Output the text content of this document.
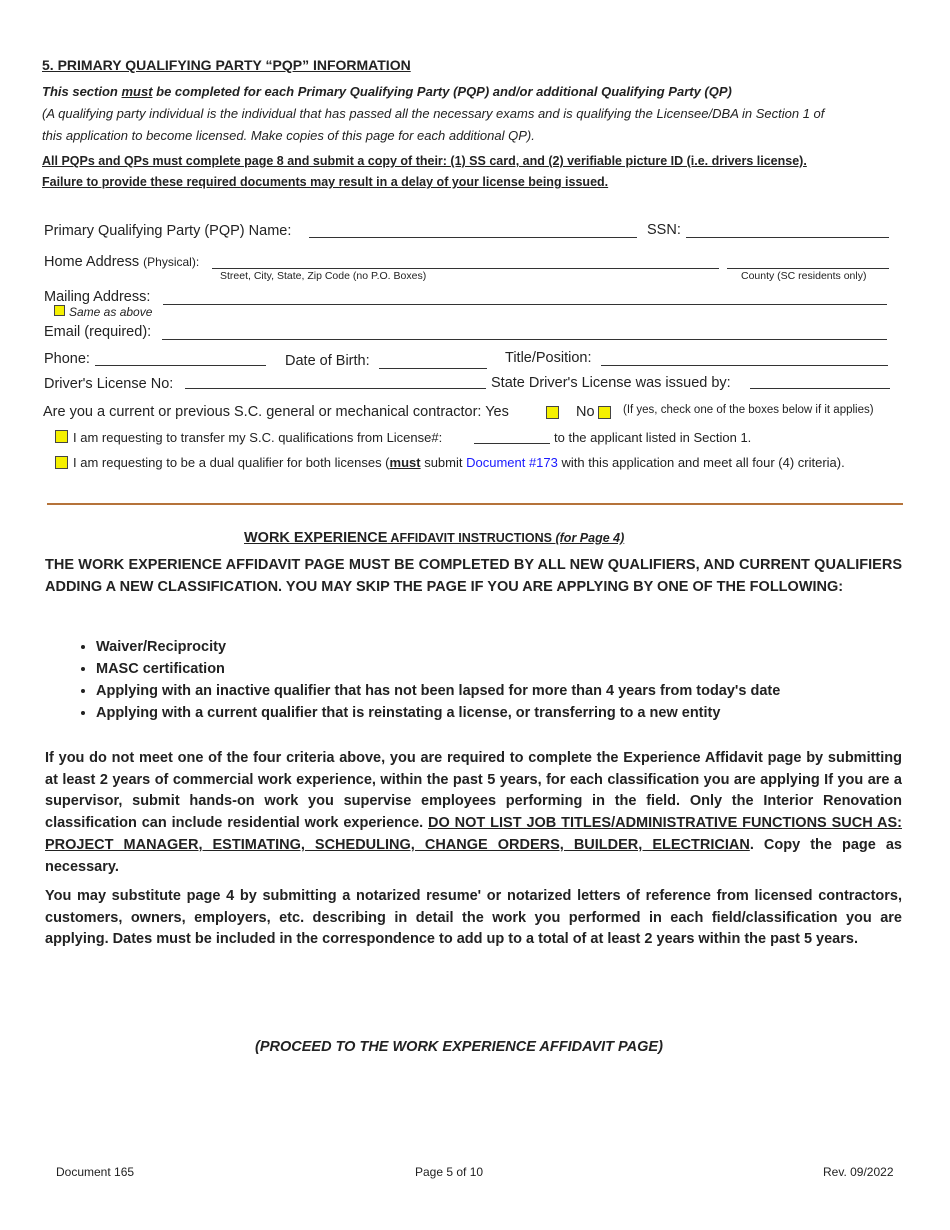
5. PRIMARY QUALIFYING PARTY “PQP” INFORMATION
This section must be completed for each Primary Qualifying Party (PQP) and/or additional Qualifying Party (QP)
(A qualifying party individual is the individual that has passed all the necessary exams and is qualifying the Licensee/DBA in Section 1 of
this application to become licensed. Make copies of this page for each additional QP).
All PQPs and QPs must complete page 8 and submit a copy of their: (1) SS card, and (2) verifiable picture ID (i.e. drivers license).
Failure to provide these required documents may result in a delay of your license being issued.
Primary Qualifying Party (PQP) Name:	SSN:
Home Address (Physical):
Street, City, State, Zip Code (no P.O. Boxes)	County (SC residents only)
Mailing Address:
Same as above
Email (required):
Phone:	Date of Birth:	Title/Position:
Driver's License No:	State Driver's License was issued by:
Are you a current or previous S.C. general or mechanical contractor: Yes	No (If yes, check one of the boxes below if it applies)
I am requesting to transfer my S.C. qualifications from License#:	to the applicant listed in Section 1.
I am requesting to be a dual qualifier for both licenses (must submit Document #173 with this application and meet all four (4) criteria).
WORK EXPERIENCE AFFIDAVIT INSTRUCTIONS (for Page 4)
THE WORK EXPERIENCE AFFIDAVIT PAGE MUST BE COMPLETED BY ALL NEW QUALIFIERS, AND CURRENT QUALIFIERS ADDING A NEW CLASSIFICATION. YOU MAY SKIP THE PAGE IF YOU ARE APPLYING BY ONE OF THE FOLLOWING:
• Waiver/Reciprocity
• MASC certification
• Applying with an inactive qualifier that has not been lapsed for more than 4 years from today's date
• Applying with a current qualifier that is reinstating a license, or transferring to a new entity
If you do not meet one of the four criteria above, you are required to complete the Experience Affidavit page by submitting at least 2 years of commercial work experience, within the past 5 years, for each classification you are applying If you are a supervisor, submit hands-on work you supervise employees performing in the field. Only the Interior Renovation classification can include residential work experience. DO NOT LIST JOB TITLES/ADMINISTRATIVE FUNCTIONS SUCH AS: PROJECT MANAGER, ESTIMATING, SCHEDULING, CHANGE ORDERS, BUILDER, ELECTRICIAN. Copy the page as necessary.
You may substitute page 4 by submitting a notarized resume' or notarized letters of reference from licensed contractors, customers, owners, employers, etc. describing in detail the work you performed in each field/classification you are applying. Dates must be included in the correspondence to add up to a total of at least 2 years within the past 5 years.
(PROCEED TO THE WORK EXPERIENCE AFFIDAVIT PAGE)
Document 165	Page 5 of 10	Rev. 09/2022
